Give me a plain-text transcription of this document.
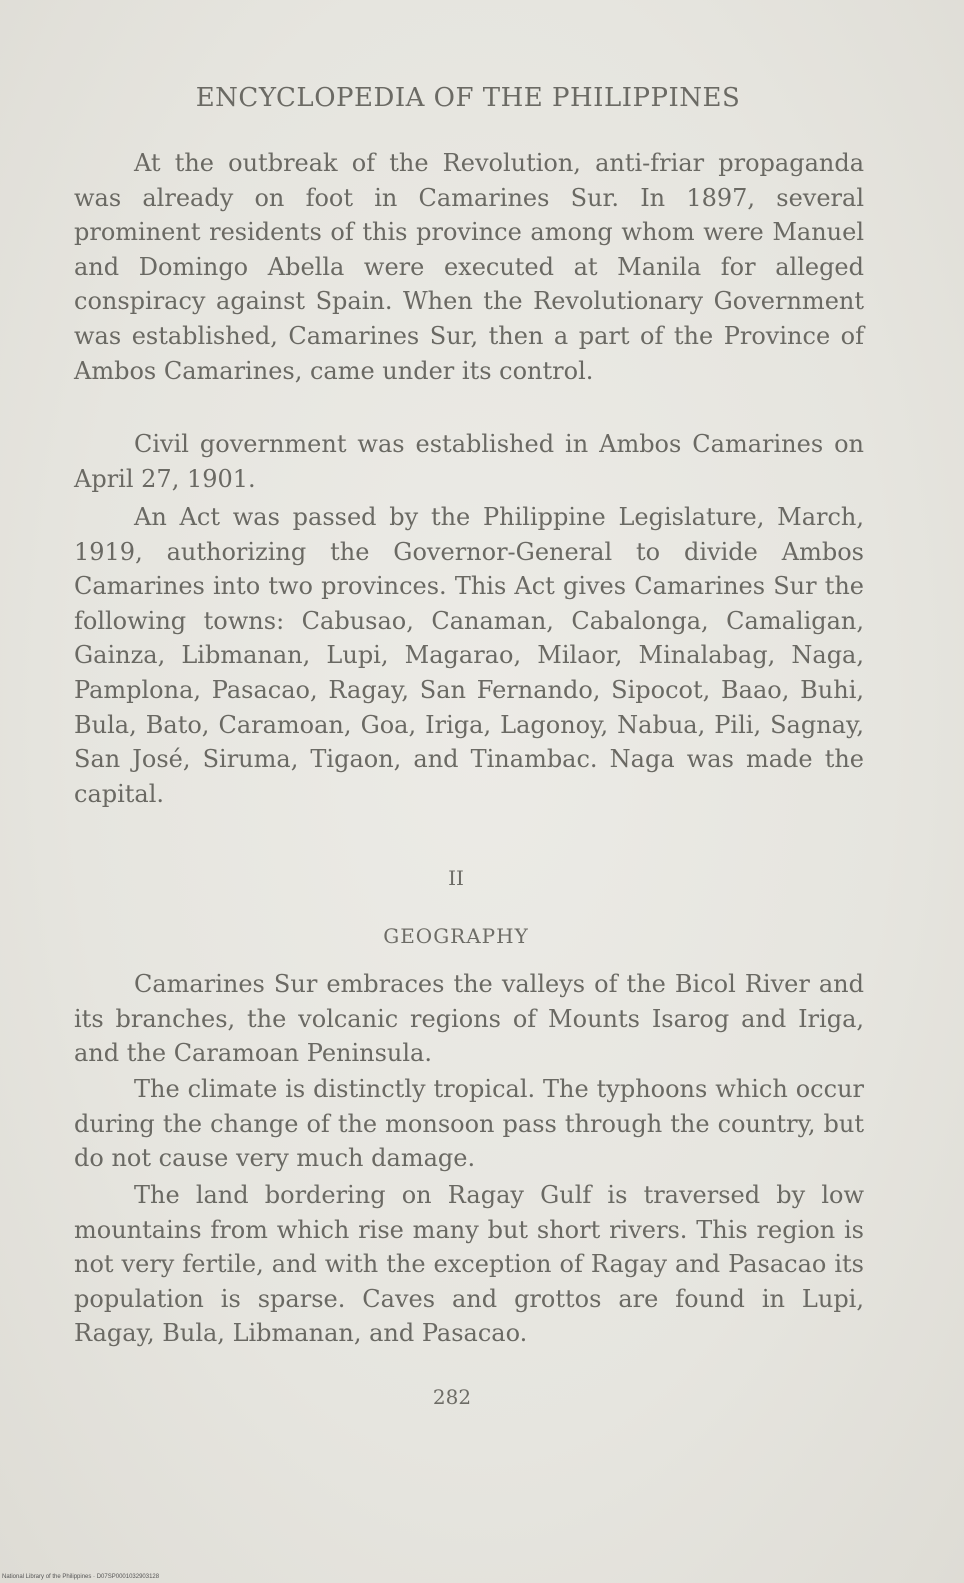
ENCYCLOPEDIA OF THE PHILIPPINES

At the outbreak of the Revolution, anti-friar propaganda was already on foot in Camarines Sur. In 1897, several prominent residents of this province among whom were Manuel and Domingo Abella were executed at Manila for alleged conspiracy against Spain. When the Revolutionary Government was established, Camarines Sur, then a part of the Province of Ambos Camarines, came under its control.

Civil government was established in Ambos Camarines on April 27, 1901.

An Act was passed by the Philippine Legislature, March, 1919, authorizing the Governor-General to divide Ambos Camarines into two provinces. This Act gives Camarines Sur the following towns: Cabusao, Canaman, Cabalonga, Camaligan, Gainza, Libmanan, Lupi, Magarao, Milaor, Minalabag, Naga, Pamplona, Pasacao, Ragay, San Fernando, Sipocot, Baao, Buhi, Bula, Bato, Caramoan, Goa, Iriga, Lagonoy, Nabua, Pili, Sagnay, San José, Siruma, Tigaon, and Tinambac. Naga was made the capital.

II
GEOGRAPHY

Camarines Sur embraces the valleys of the Bicol River and its branches, the volcanic regions of Mounts Isarog and Iriga, and the Caramoan Peninsula.

The climate is distinctly tropical. The typhoons which occur during the change of the monsoon pass through the country, but do not cause very much damage.

The land bordering on Ragay Gulf is traversed by low mountains from which rise many but short rivers. This region is not very fertile, and with the exception of Ragay and Pasacao its population is sparse. Caves and grottos are found in Lupi, Ragay, Bula, Libmanan, and Pasacao.

282
National Library of the Philippines · D07SP0001032903128
